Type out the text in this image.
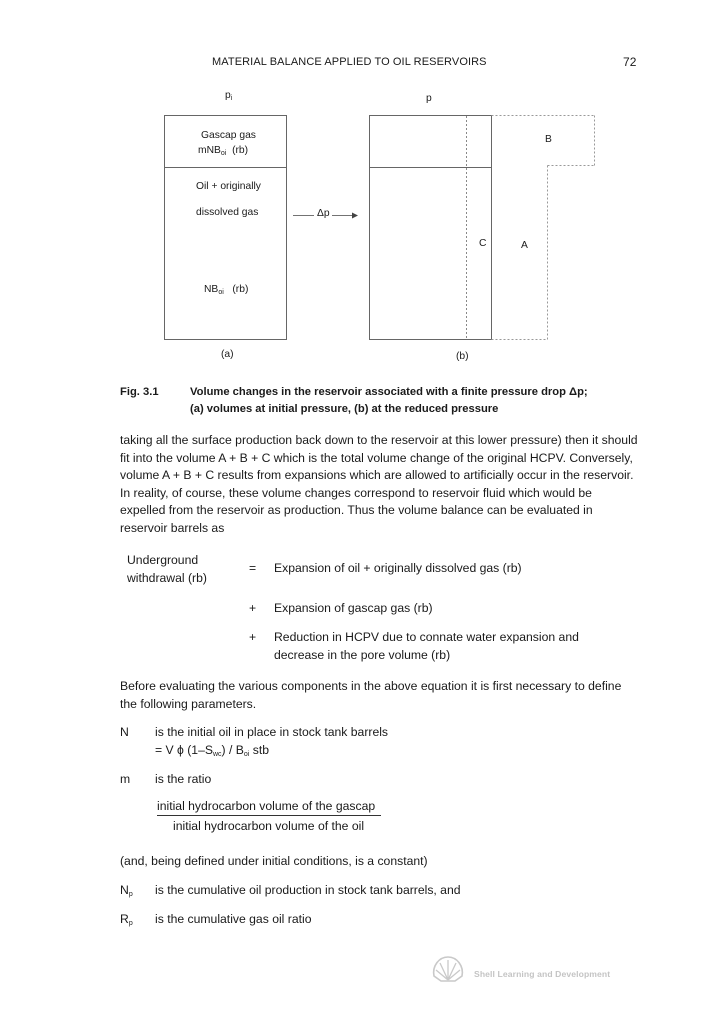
MATERIAL BALANCE APPLIED TO OIL RESERVOIRS	72
$p_i$	p
Gascap gas
mNB$_{oi}$ (rb)
Oil + originally
dissolved gas
$NB_{oi}$ (rb)
Δp
B
C	A
(a)	(b)
Fig. 3.1	Volume changes in the reservoir associated with a finite pressure drop Δp;
(a) volumes at initial pressure, (b) at the reduced pressure
taking all the surface production back down to the reservoir at this lower pressure) then it should fit into the volume A + B + C which is the total volume change of the original HCPV. Conversely, volume A + B + C results from expansions which are allowed to artificially occur in the reservoir. In reality, of course, these volume changes correspond to reservoir fluid which would be expelled from the reservoir as production. Thus the volume balance can be evaluated in reservoir barrels as
Underground
withdrawal (rb)
= Expansion of oil + originally dissolved gas (rb)
+ Expansion of gascap gas (rb)
+ Reduction in HCPV due to connate water expansion and
decrease in the pore volume (rb)
Before evaluating the various components in the above equation it is first necessary to define the following parameters.
N is the initial oil in place in stock tank barrels
= V ϕ $(1-S_{wc}) / B_{oi}$ stb
m is the ratio
initial hydrocarbon volume of the gascap
initial hydrocarbon volume of the oil
(and, being defined under initial conditions, is a constant)
$N_p$ is the cumulative oil production in stock tank barrels, and
$R_p$ is the cumulative gas oil ratio
Shell Learning and Development
